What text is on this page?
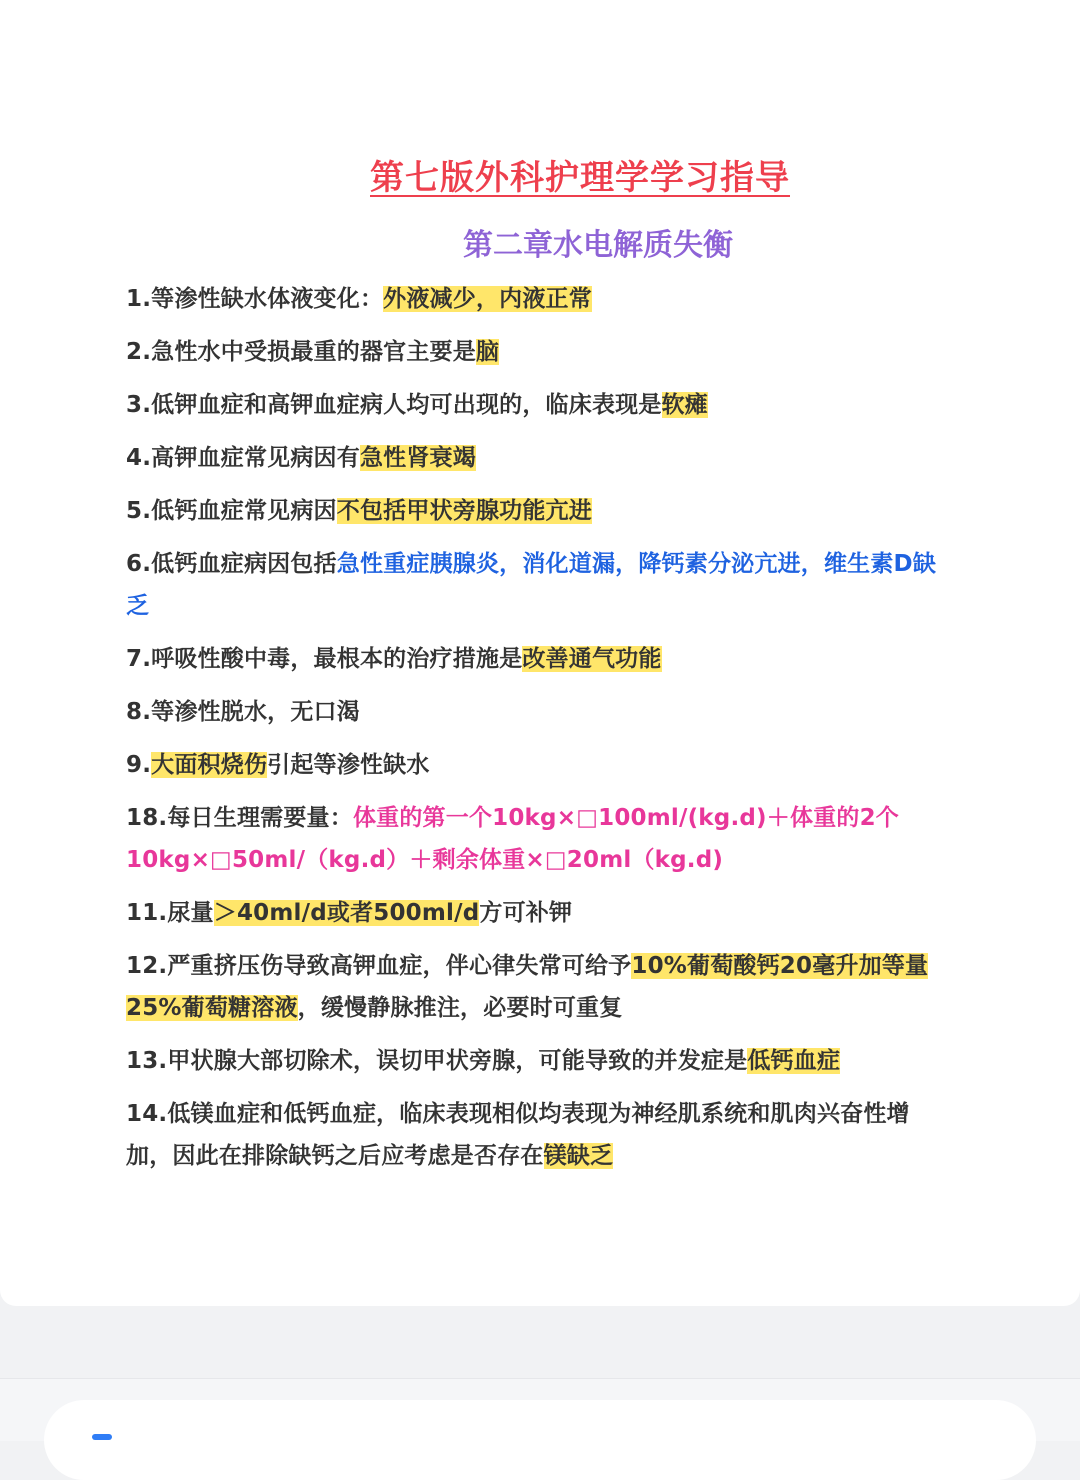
第七版外科护理学学习指导
第二章水电解质失衡
1.等渗性缺水体液变化：外液减少，内液正常
2.急性水中受损最重的器官主要是脑
3.低钾血症和高钾血症病人均可出现的，临床表现是软瘫
4.高钾血症常见病因有急性肾衰竭
5.低钙血症常见病因不包括甲状旁腺功能亢进
6.低钙血症病因包括急性重症胰腺炎，消化道漏，降钙素分泌亢进，维生素D缺乏
7.呼吸性酸中毒，最根本的治疗措施是改善通气功能
8.等渗性脱水，无口渴
9.大面积烧伤引起等渗性缺水
18.每日生理需要量：体重的第一个10kg×□100ml/(kg.d)＋体重的2个10kg×□50ml/（kg.d）＋剩余体重×□20ml（kg.d)
11.尿量＞40ml/d或者500ml/d方可补钾
12.严重挤压伤导致高钾血症，伴心律失常可给予10%葡萄酸钙20毫升加等量25%葡萄糖溶液，缓慢静脉推注，必要时可重复
13.甲状腺大部切除术，误切甲状旁腺，可能导致的并发症是低钙血症
14.低镁血症和低钙血症，临床表现相似均表现为神经肌系统和肌肉兴奋性增加，因此在排除缺钙之后应考虑是否存在镁缺乏
